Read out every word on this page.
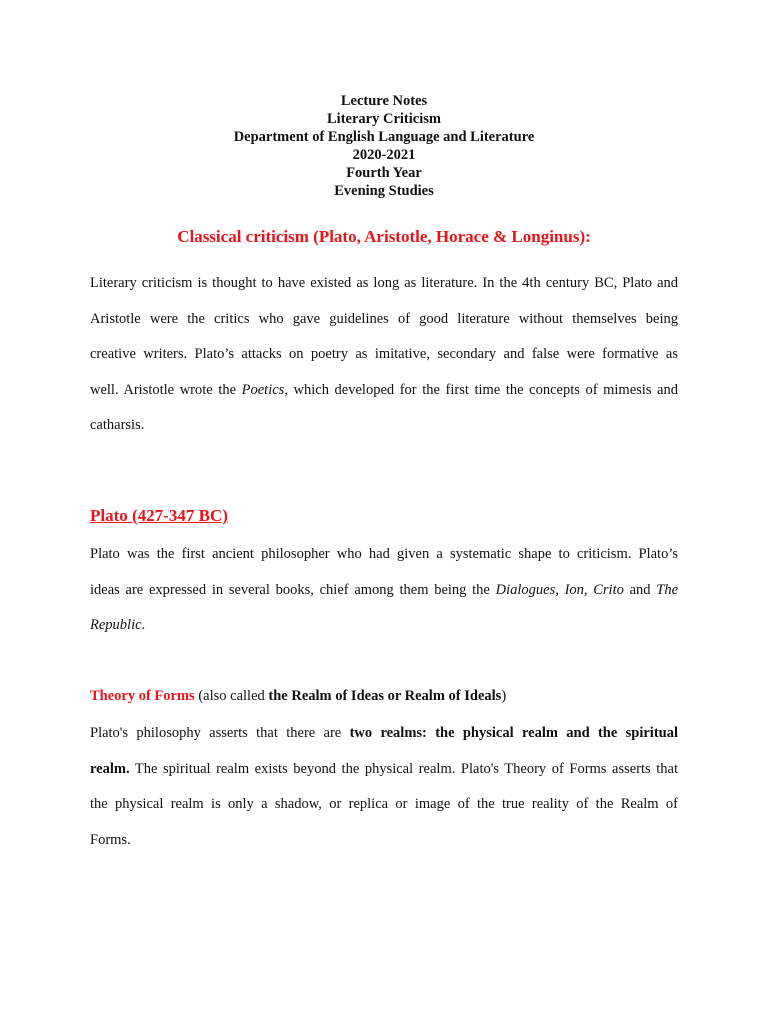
Lecture Notes
Literary Criticism
Department of English Language and Literature
2020-2021
Fourth Year
Evening Studies
Classical criticism (Plato, Aristotle, Horace & Longinus):
Literary criticism is thought to have existed as long as literature. In the 4th century BC, Plato and
Aristotle were the critics who gave guidelines of good literature without themselves being
creative writers. Plato’s attacks on poetry as imitative, secondary and false were formative as
well. Aristotle wrote the Poetics, which developed for the first time the concepts of mimesis and
catharsis.
Plato (427-347 BC)
Plato was the first ancient philosopher who had given a systematic shape to criticism. Plato’s
ideas are expressed in several books, chief among them being the Dialogues, Ion, Crito and The
Republic.
Theory of Forms (also called the Realm of Ideas or Realm of Ideals)
Plato's philosophy asserts that there are two realms: the physical realm and the spiritual
realm. The spiritual realm exists beyond the physical realm. Plato's Theory of Forms asserts that
the physical realm is only a shadow, or replica or image of the true reality of the Realm of
Forms.
